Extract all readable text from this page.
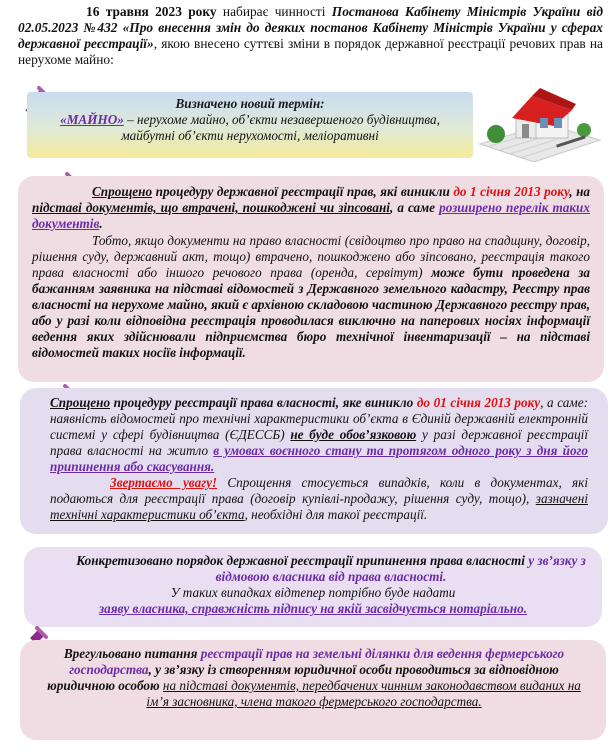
16 травня 2023 року набирає чинності Постанова Кабінету Міністрів України від 02.05.2023 №432 «Про внесення змін до деяких постанов Кабінету Міністрів України у сферах державної реєстрації», якою внесено суттєві зміни в порядок державної реєстрації речових прав на нерухоме майно:

Визначено новий термін:

«МАЙНО» – нерухоме майно, об’єкти незавершеного будівництва, майбутні об’єкти нерухомості, меліоративні

Спрощено процедуру державної реєстрації прав, які виникли до 1 січня 2013 року, на підставі документів, що втрачені, пошкоджені чи зіпсовані, а саме розширено перелік таких документів.

Тобто, якщо документи на право власності (свідоцтво про право на спадщину, договір, рішення суду, державний акт, тощо) втрачено, пошкоджено або зіпсовано, реєстрація такого права власності або іншого речового права (оренда, сервітут) може бути проведена за бажанням заявника на підставі відомостей з Державного земельного кадастру, Реєстру прав власності на нерухоме майно, який є архівною складовою частиною Державного реєстру прав, або у разі коли відповідна реєстрація проводилася виключно на паперових носіях інформації ведення яких здійснювали підприємства бюро технічної інвентаризації – на підставі відомостей таких носіїв інформації.

Спрощено процедуру реєстрації права власності, яке виникло до 01 січня 2013 року, а саме: наявність відомостей про технічні характеристики об’єкта в Єдиній державній електронній системі у сфері будівництва (ЄДЕССБ) не буде обов’язковою у разі державної реєстрації права власності на житло в умовах воєнного стану та протягом одного року з дня його припинення або скасування.

Звертаємо увагу! Спрощення стосується випадків, коли в документах, які подаються для реєстрації права (договір купівлі-продажу, рішення суду, тощо), зазначені технічні характеристики об’єкта, необхідні для такої реєстрації.

Конкретизовано порядок державної реєстрації припинення права власності у зв’язку з відмовою власника від права власності.

У таких випадках відтепер потрібно буде надати

заяву власника, справжність підпису на якій засвідчується нотаріально.

Врегульовано питання реєстрації прав на земельні ділянки для ведення фермерського господарства, у зв’язку із створенням юридичної особи проводиться за відповідною юридичною особою на підставі документів, передбачених чинним законодавством виданих на ім’я засновника, члена такого фермерського господарства.
